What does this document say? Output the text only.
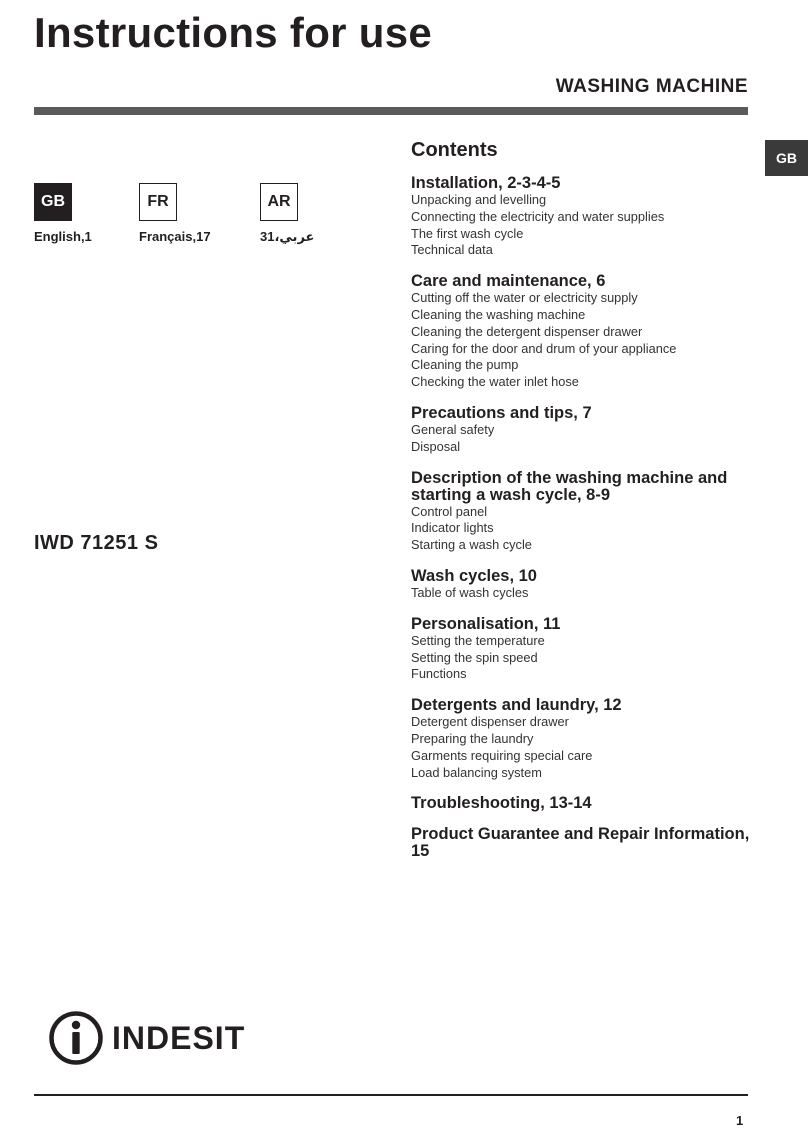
Instructions for use
WASHING MACHINE
GB
GB
English,1
FR
Français,17
AR
عربي،31
IWD 71251 S
Contents
Installation, 2-3-4-5
Unpacking and levelling
Connecting the electricity and water supplies
The first wash cycle
Technical data
Care and maintenance, 6
Cutting off the water or electricity supply
Cleaning the washing machine
Cleaning the detergent dispenser drawer
Caring for the door and drum of your appliance
Cleaning the pump
Checking the water inlet hose
Precautions and tips, 7
General safety
Disposal
Description of the washing machine and starting a wash cycle, 8-9
Control panel
Indicator lights
Starting a wash cycle
Wash cycles, 10
Table of wash cycles
Personalisation, 11
Setting the temperature
Setting the spin speed
Functions
Detergents and laundry, 12
Detergent dispenser drawer
Preparing the laundry
Garments requiring special care
Load balancing system
Troubleshooting, 13-14
Product Guarantee and Repair Information, 15
INDESIT
1
